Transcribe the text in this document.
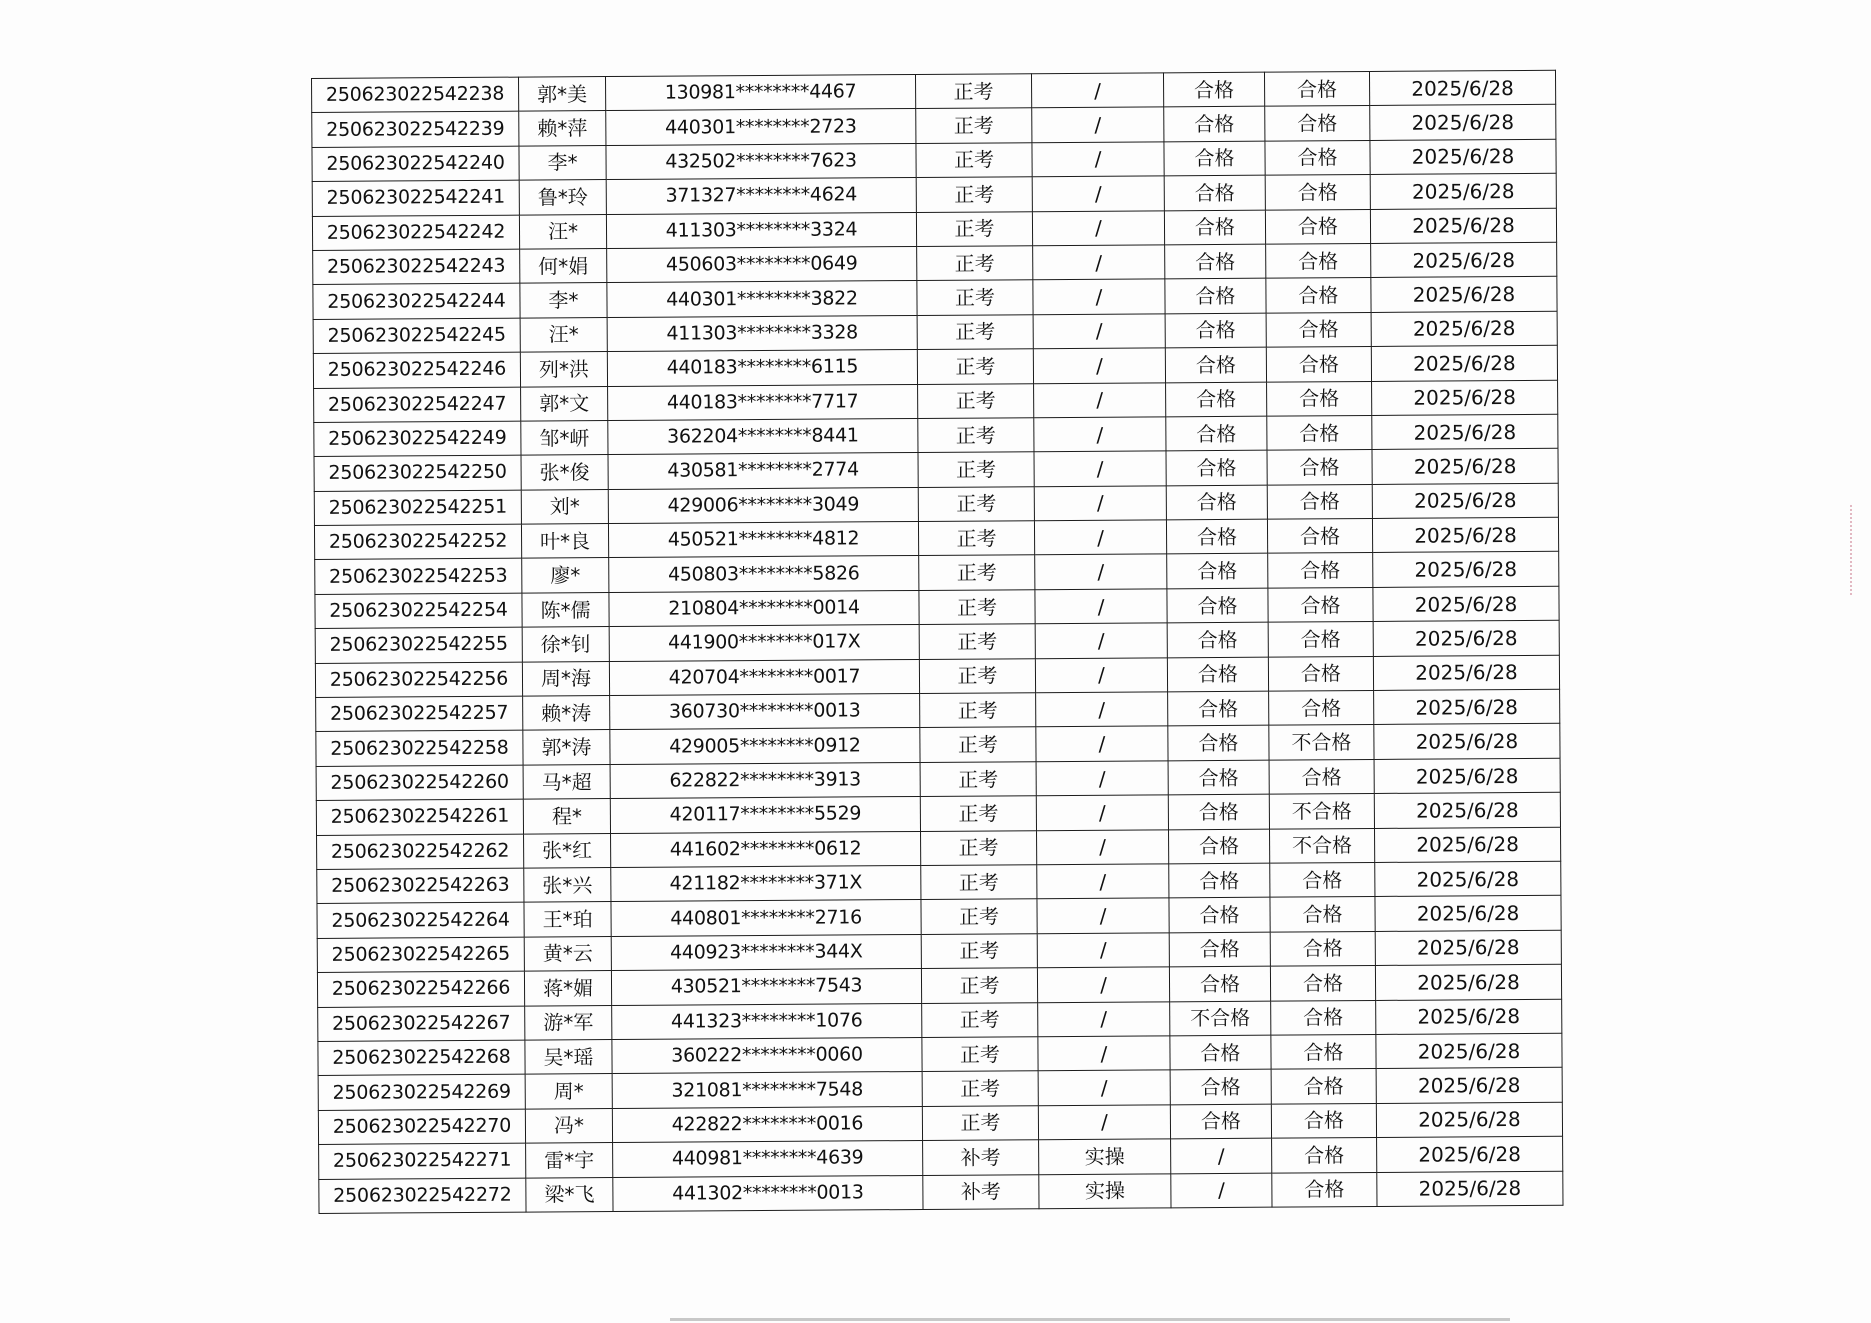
250623022542238	郭*美	130981********4467	正考	/	合格	合格	2025/6/28
250623022542239	赖*萍	440301********2723	正考	/	合格	合格	2025/6/28
250623022542240	李*	432502********7623	正考	/	合格	合格	2025/6/28
250623022542241	鲁*玲	371327********4624	正考	/	合格	合格	2025/6/28
250623022542242	汪*	411303********3324	正考	/	合格	合格	2025/6/28
250623022542243	何*娟	450603********0649	正考	/	合格	合格	2025/6/28
250623022542244	李*	440301********3822	正考	/	合格	合格	2025/6/28
250623022542245	汪*	411303********3328	正考	/	合格	合格	2025/6/28
250623022542246	列*洪	440183********6115	正考	/	合格	合格	2025/6/28
250623022542247	郭*文	440183********7717	正考	/	合格	合格	2025/6/28
250623022542249	邹*岍	362204********8441	正考	/	合格	合格	2025/6/28
250623022542250	张*俊	430581********2774	正考	/	合格	合格	2025/6/28
250623022542251	刘*	429006********3049	正考	/	合格	合格	2025/6/28
250623022542252	叶*良	450521********4812	正考	/	合格	合格	2025/6/28
250623022542253	廖*	450803********5826	正考	/	合格	合格	2025/6/28
250623022542254	陈*儒	210804********0014	正考	/	合格	合格	2025/6/28
250623022542255	徐*钊	441900********017X	正考	/	合格	合格	2025/6/28
250623022542256	周*海	420704********0017	正考	/	合格	合格	2025/6/28
250623022542257	赖*涛	360730********0013	正考	/	合格	合格	2025/6/28
250623022542258	郭*涛	429005********0912	正考	/	合格	不合格	2025/6/28
250623022542260	马*超	622822********3913	正考	/	合格	合格	2025/6/28
250623022542261	程*	420117********5529	正考	/	合格	不合格	2025/6/28
250623022542262	张*红	441602********0612	正考	/	合格	不合格	2025/6/28
250623022542263	张*兴	421182********371X	正考	/	合格	合格	2025/6/28
250623022542264	王*珀	440801********2716	正考	/	合格	合格	2025/6/28
250623022542265	黄*云	440923********344X	正考	/	合格	合格	2025/6/28
250623022542266	蒋*媚	430521********7543	正考	/	合格	合格	2025/6/28
250623022542267	游*军	441323********1076	正考	/	不合格	合格	2025/6/28
250623022542268	吴*瑶	360222********0060	正考	/	合格	合格	2025/6/28
250623022542269	周*	321081********7548	正考	/	合格	合格	2025/6/28
250623022542270	冯*	422822********0016	正考	/	合格	合格	2025/6/28
250623022542271	雷*宇	440981********4639	补考	实操	/	合格	2025/6/28
250623022542272	梁*飞	441302********0013	补考	实操	/	合格	2025/6/28
